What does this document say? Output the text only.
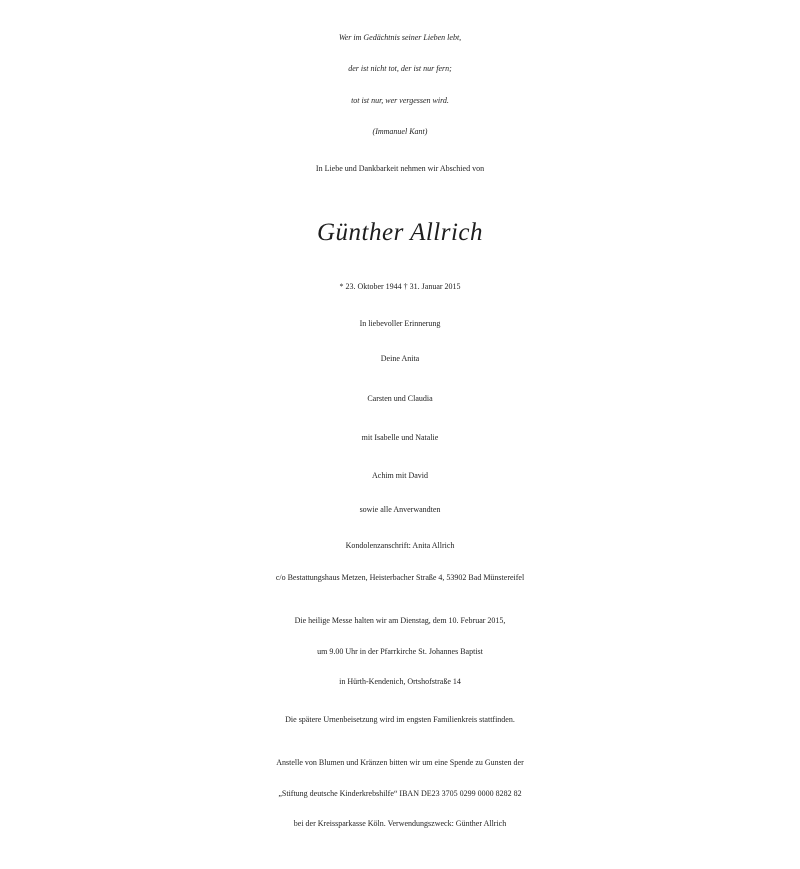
Wer im Gedächtnis seiner Lieben lebt,
der ist nicht tot, der ist nur fern;
tot ist nur, wer vergessen wird.
(Immanuel Kant)
In Liebe und Dankbarkeit nehmen wir Abschied von
Günther Allrich
* 23. Oktober 1944 † 31. Januar 2015
In liebevoller Erinnerung
Deine Anita
Carsten und Claudia
mit Isabelle und Natalie
Achim mit David
sowie alle Anverwandten
Kondolenzanschrift: Anita Allrich
c/o Bestattungshaus Metzen, Heisterbacher Straße 4, 53902 Bad Münstereifel
Die heilige Messe halten wir am Dienstag, dem 10. Februar 2015,
um 9.00 Uhr in der Pfarrkirche St. Johannes Baptist
in Hürth-Kendenich, Ortshofstraße 14
Die spätere Urnenbeisetzung wird im engsten Familienkreis stattfinden.
Anstelle von Blumen und Kränzen bitten wir um eine Spende zu Gunsten der
„Stiftung deutsche Kinderkrebshilfe“ IBAN DE23 3705 0299 0000 8282 82
bei der Kreissparkasse Köln. Verwendungszweck: Günther Allrich
